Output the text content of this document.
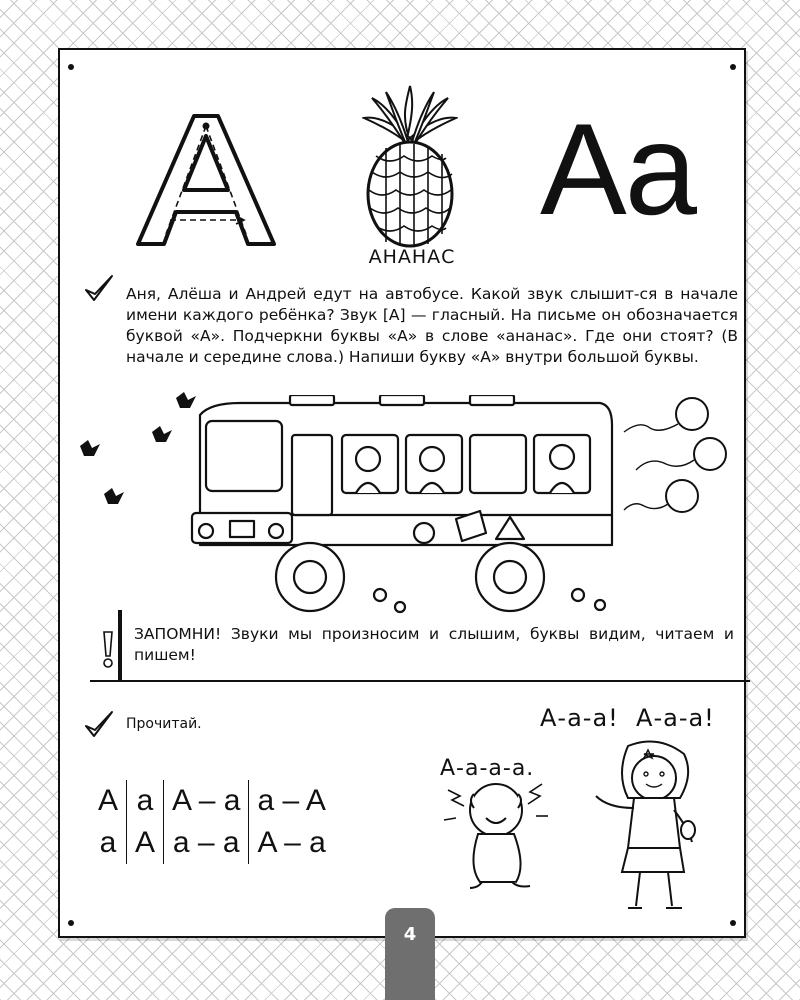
АНАНАС
Aa
Аня, Алёша и Андрей едут на автобусе. Какой звук слышит-ся в начале имени каждого ребёнка? Звук [А] — гласный. На письме он обозначается буквой «А». Подчеркни буквы «А» в слове «ананас». Где они стоят? (В начале и середине слова.) Напиши букву «А» внутри большой буквы.
ЗАПОМНИ! Звуки мы произносим и слышим, буквы видим, читаем и пишем!
Прочитай.	А-а-а!  А-а-а!
А-а-а-а.
A	a	A – a	a – A
a	A	a – a	A – a
4
